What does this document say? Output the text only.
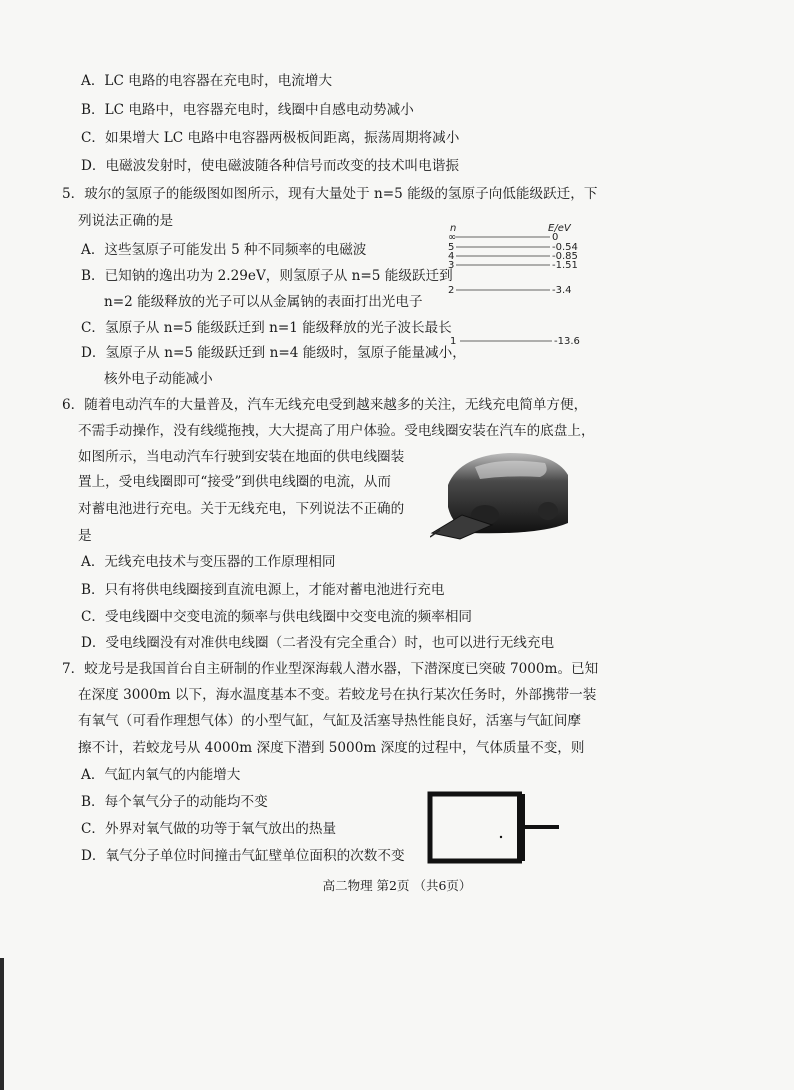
A．LC 电路的电容器在充电时，电流增大
B．LC 电路中，电容器充电时，线圈中自感电动势减小
C．如果增大 LC 电路中电容器两极板间距离，振荡周期将减小
D．电磁波发射时，使电磁波随各种信号而改变的技术叫电谐振
5．玻尔的氢原子的能级图如图所示，现有大量处于 n=5 能级的氢原子向低能级跃迁，下
列说法正确的是
A．这些氢原子可能发出 5 种不同频率的电磁波
B．已知钠的逸出功为 2.29eV，则氢原子从 n=5 能级跃迁到
n=2 能级释放的光子可以从金属钠的表面打出光电子
C．氢原子从 n=5 能级跃迁到 n=1 能级释放的光子波长最长
D．氢原子从 n=5 能级跃迁到 n=4 能级时，氢原子能量减小，
核外电子动能减小
n	E/eV
∞	0
5	-0.54
4	-0.85
3	-1.51
2	-3.4
1	-13.6
6．随着电动汽车的大量普及，汽车无线充电受到越来越多的关注，无线充电简单方便，
不需手动操作，没有线缆拖拽，大大提高了用户体验。受电线圈安装在汽车的底盘上，
如图所示，当电动汽车行驶到安装在地面的供电线圈装
置上，受电线圈即可“接受”到供电线圈的电流，从而
对蓄电池进行充电。关于无线充电，下列说法不正确的
是
A．无线充电技术与变压器的工作原理相同
B．只有将供电线圈接到直流电源上，才能对蓄电池进行充电
C．受电线圈中交变电流的频率与供电线圈中交变电流的频率相同
D．受电线圈没有对准供电线圈（二者没有完全重合）时，也可以进行无线充电
7．蛟龙号是我国首台自主研制的作业型深海载人潜水器，下潜深度已突破 7000m。已知
在深度 3000m 以下，海水温度基本不变。若蛟龙号在执行某次任务时，外部携带一装
有氧气（可看作理想气体）的小型气缸，气缸及活塞导热性能良好，活塞与气缸间摩
擦不计，若蛟龙号从 4000m 深度下潜到 5000m 深度的过程中，气体质量不变，则
A．气缸内氧气的内能增大
B．每个氧气分子的动能均不变
C．外界对氧气做的功等于氧气放出的热量
D．氧气分子单位时间撞击气缸壁单位面积的次数不变
高二物理 第2页 （共6页）
